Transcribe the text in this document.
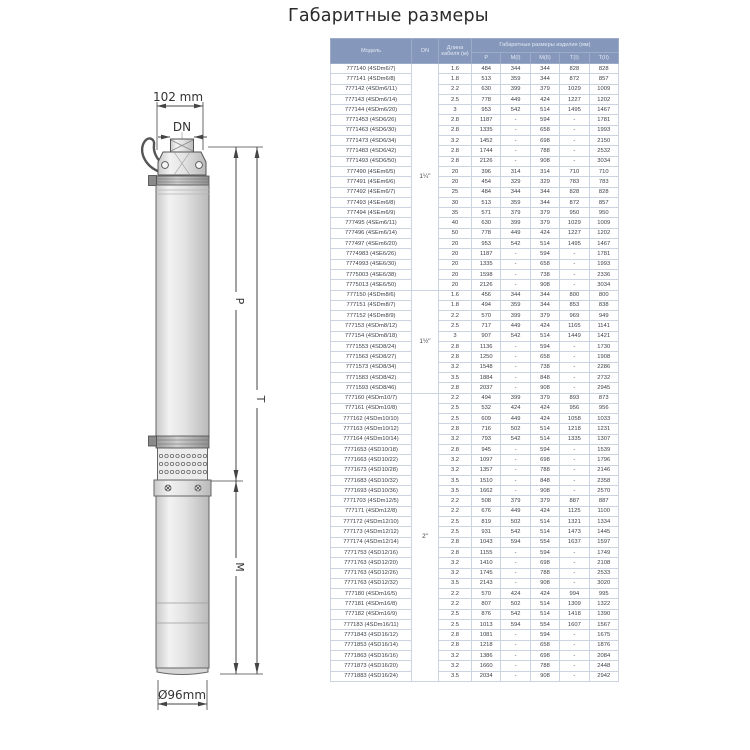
Габаритные размеры
102 mm
DN
Ø96mm
P
M
T
Модель	DN	Длина кабеля (м)	Габаритные размеры изделия (мм)				
			P	M(I)	M(II)	T(I)	T(II)
777140 (4SDm6/7)	1¼"	1.6	484	344	344	828	828
777141 (4SDm6/8)		1.8	513	359	344	872	857
777142 (4SDm6/11)		2.2	630	399	379	1029	1009
777143 (4SDm6/14)		2.5	778	449	424	1227	1202
777144 (4SDm6/20)		3	953	542	514	1495	1467
7771453 (4SD6/26)		2.8	1187	-	594	-	1781
7771463 (4SD6/30)		2.8	1335	-	658	-	1993
7771473 (4SD6/34)		3.2	1452	-	698	-	2150
7771483 (4SD6/42)		2.8	1744	-	788	-	2532
7771493 (4SD6/50)		2.8	2126	-	908	-	3034
777490 (4SEm6/5)		20	396	314	314	710	710
777491 (4SEm6/6)		20	454	329	329	783	783
777492 (4SEm6/7)		25	484	344	344	828	828
777493 (4SEm6/8)		30	513	359	344	872	857
777494 (4SEm6/9)		35	571	379	379	950	950
777495 (4SEm6/11)		40	630	399	379	1029	1009
777496 (4SEm6/14)		50	778	449	424	1227	1202
777497 (4SEm6/20)		20	953	542	514	1495	1467
7774983 (4SE6/26)		20	1187	-	594	-	1781
7774993 (4SE6/30)		20	1335	-	658	-	1993
7775003 (4SE6/38)		20	1598	-	738	-	2336
7775013 (4SE6/50)		20	2126	-	908	-	3034
777150 (4SDm8/6)	1½"	1.6	456	344	344	800	800
777151 (4SDm8/7)		1.8	494	359	344	853	838
777152 (4SDm8/9)		2.2	570	399	379	969	949
777153 (4SDm8/12)		2.5	717	449	424	1165	1141
777154 (4SDm8/18)		3	907	542	514	1449	1421
7771553 (4SD8/24)		2.8	1136	-	594	-	1730
7771563 (4SD8/27)		2.8	1250	-	658	-	1908
7771573 (4SD8/34)		3.2	1548	-	738	-	2286
7771583 (4SD8/42)		3.5	1884	-	848	-	2732
7771593 (4SD8/46)		2.8	2037	-	908	-	2945
777160 (4SDm10/7)	2"	2.2	494	399	379	893	873
777161 (4SDm10/8)		2.5	532	424	424	956	956
777162 (4SDm10/10)		2.5	609	449	424	1058	1033
777163 (4SDm10/12)		2.8	716	502	514	1218	1231
777164 (4SDm10/14)		3.2	793	542	514	1335	1307
7771653 (4SD10/18)		2.8	945	-	594	-	1539
7771663 (4SD10/22)		3.2	1097	-	698	-	1796
7771673 (4SD10/28)		3.2	1357	-	788	-	2146
7771683 (4SD10/32)		3.5	1510	-	848	-	2358
7771693 (4SD10/36)		3.5	1662	-	908	-	2570
7771703 (4SDm12/5)		2.2	508	379	379	887	887
777171 (4SDm12/8)		2.2	676	449	424	1125	1100
777172 (4SDm12/10)		2.5	819	502	514	1321	1334
777173 (4SDm12/12)		2.5	931	542	514	1473	1445
777174 (4SDm12/14)		2.8	1043	594	554	1637	1597
7771753 (4SD12/16)		2.8	1155	-	594	-	1749
7771763 (4SD12/20)		3.2	1410	-	698	-	2108
7771763 (4SD12/26)		3.2	1745	-	788	-	2533
7771763 (4SD12/32)		3.5	2143	-	908	-	3020
777180 (4SDm16/5)		2.2	570	424	424	994	995
777181 (4SDm16/8)		2.2	807	502	514	1309	1322
777182 (4SDm16/9)		2.5	876	542	514	1418	1390
777183 (4SDm16/11)		2.5	1013	594	554	1607	1567
7771843 (4SD16/12)		2.8	1081	-	594	-	1675
7771853 (4SD16/14)		2.8	1218	-	658	-	1876
7771863 (4SD16/16)		3.2	1386	-	698	-	2084
7771873 (4SD16/20)		3.2	1660	-	788	-	2448
7771883 (4SD16/24)		3.5	2034	-	908	-	2942
